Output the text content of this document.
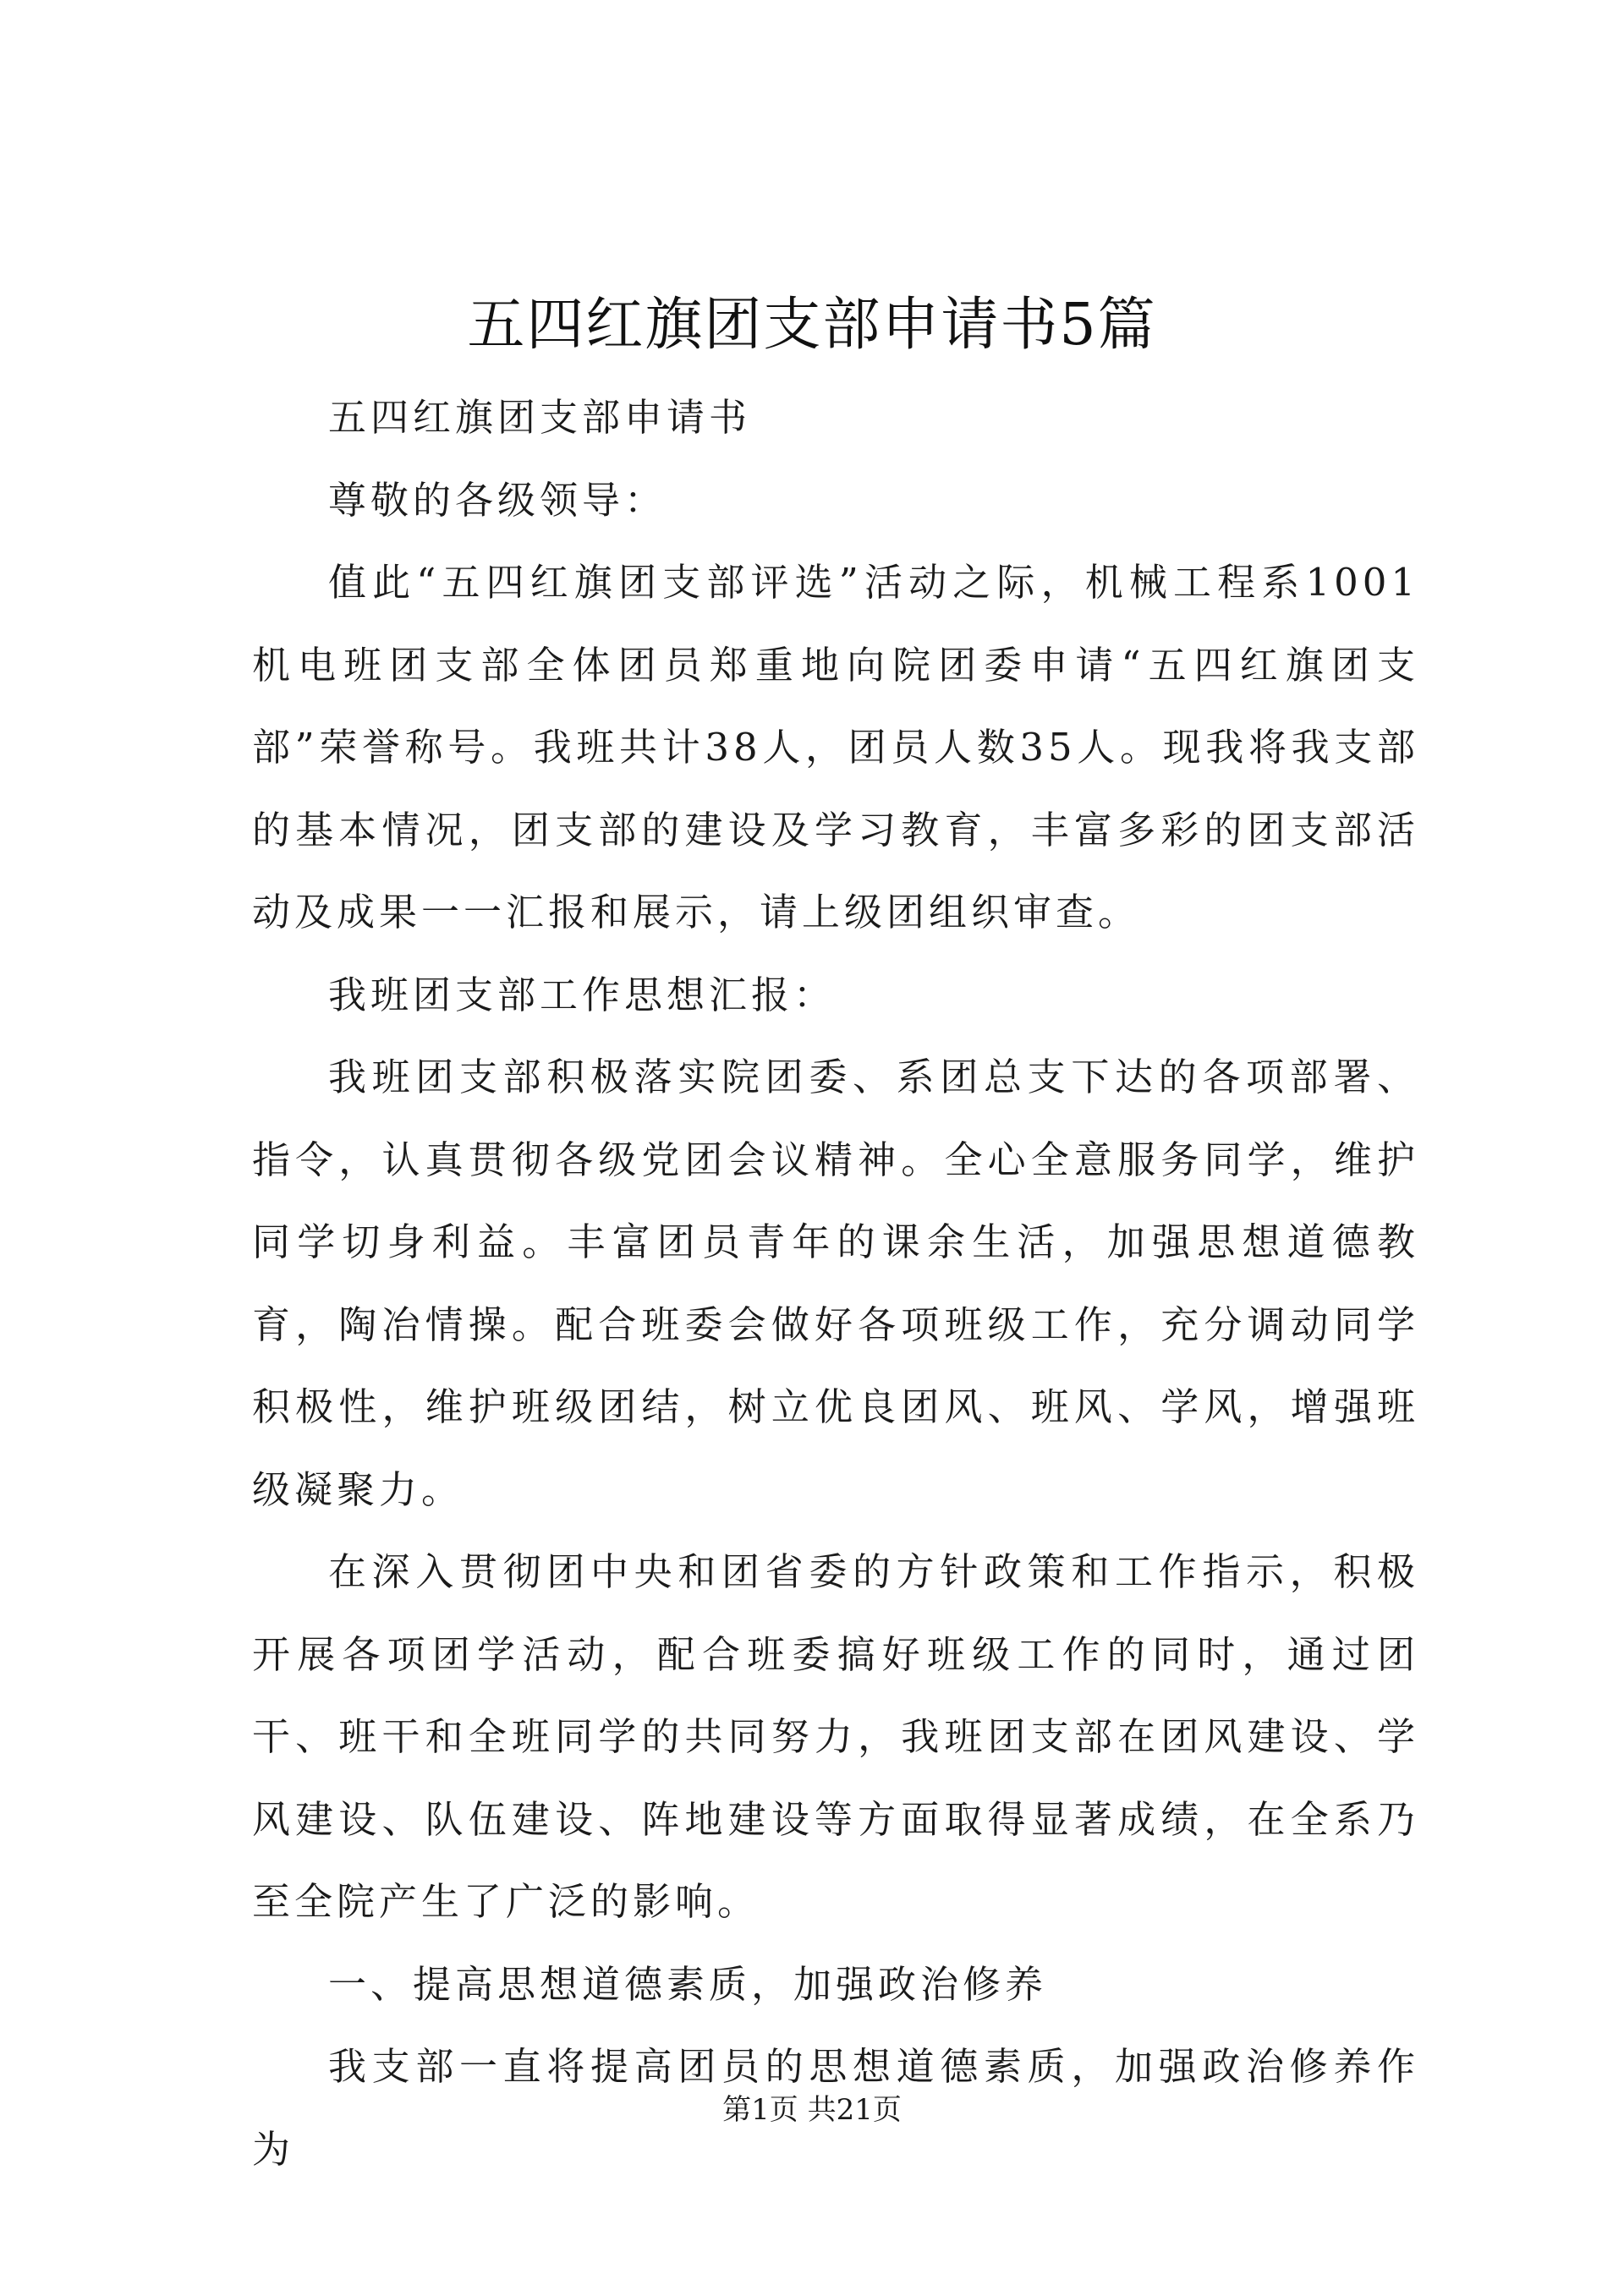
五四红旗团支部申请书5篇

五四红旗团支部申请书

尊敬的各级领导：

值此“五四红旗团支部评选”活动之际，机械工程系1001机电班团支部全体团员郑重地向院团委申请“五四红旗团支部”荣誉称号。我班共计38人，团员人数35人。现我将我支部的基本情况，团支部的建设及学习教育，丰富多彩的团支部活动及成果一一汇报和展示，请上级团组织审查。

我班团支部工作思想汇报：

我班团支部积极落实院团委、系团总支下达的各项部署、指令，认真贯彻各级党团会议精神。全心全意服务同学，维护同学切身利益。丰富团员青年的课余生活，加强思想道德教育，陶冶情操。配合班委会做好各项班级工作，充分调动同学积极性，维护班级团结，树立优良团风、班风、学风，增强班级凝聚力。

在深入贯彻团中央和团省委的方针政策和工作指示，积极开展各项团学活动，配合班委搞好班级工作的同时，通过团干、班干和全班同学的共同努力，我班团支部在团风建设、学风建设、队伍建设、阵地建设等方面取得显著成绩，在全系乃至全院产生了广泛的影响。

一、提高思想道德素质，加强政治修养

我支部一直将提高团员的思想道德素质，加强政治修养作为

第1页 共21页
